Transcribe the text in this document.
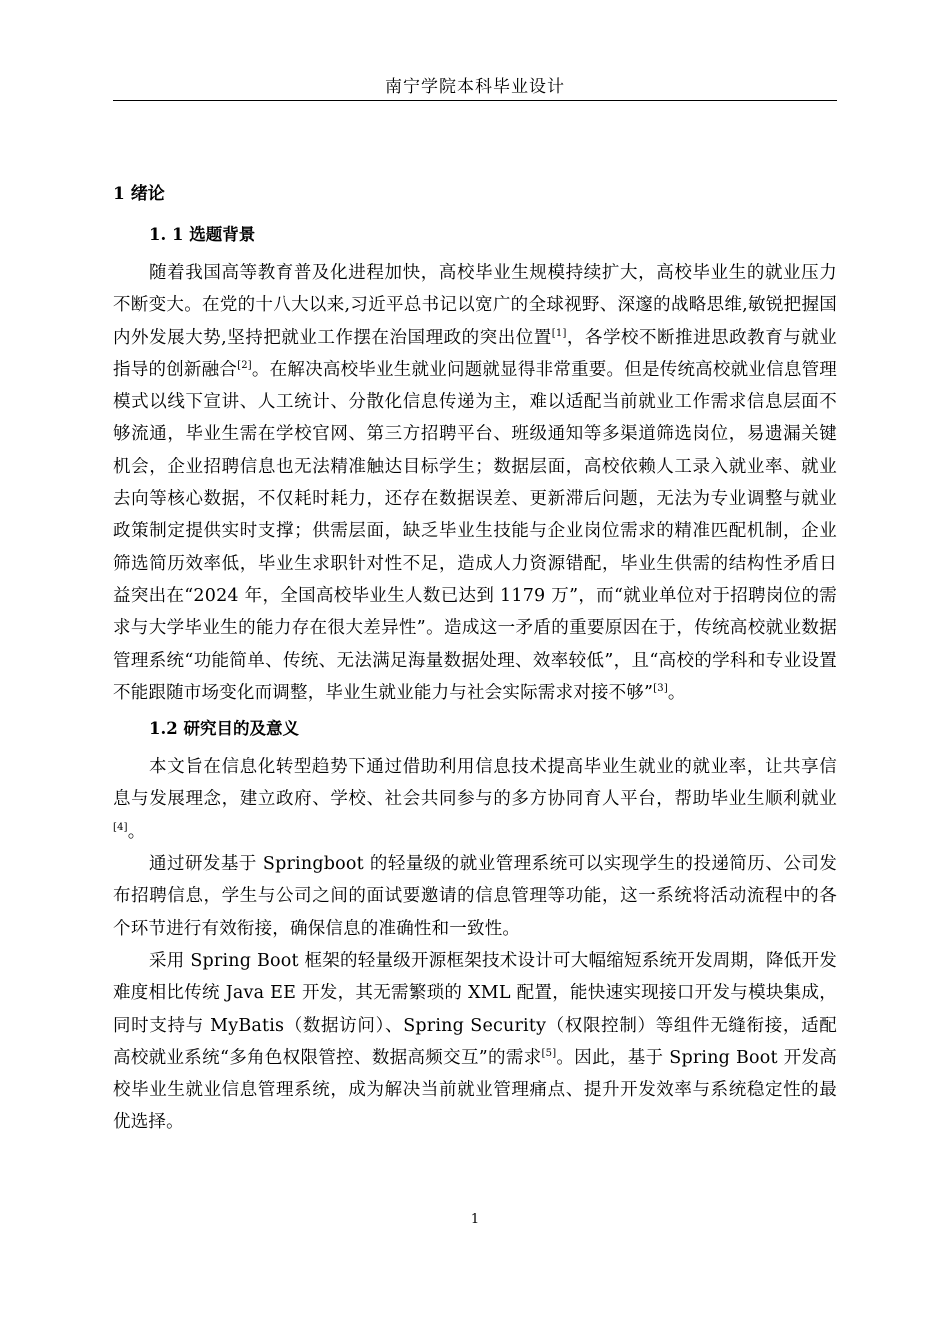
南宁学院本科毕业设计
1 绪论
1. 1 选题背景

随着我国高等教育普及化进程加快，高校毕业生规模持续扩大，高校毕业生的就业压力不断变大。在党的十八大以来,习近平总书记以宽广的全球视野、深邃的战略思维,敏锐把握国内外发展大势,坚持把就业工作摆在治国理政的突出位置[1]，各学校不断推进思政教育与就业指导的创新融合[2]。在解决高校毕业生就业问题就显得非常重要。但是传统高校就业信息管理模式以线下宣讲、人工统计、分散化信息传递为主，难以适配当前就业工作需求信息层面不够流通，毕业生需在学校官网、第三方招聘平台、班级通知等多渠道筛选岗位，易遗漏关键机会，企业招聘信息也无法精准触达目标学生；数据层面，高校依赖人工录入就业率、就业去向等核心数据，不仅耗时耗力，还存在数据误差、更新滞后问题，无法为专业调整与就业政策制定提供实时支撑；供需层面，缺乏毕业生技能与企业岗位需求的精准匹配机制，企业筛选简历效率低，毕业生求职针对性不足，造成人力资源错配，毕业生供需的结构性矛盾日益突出在“2024 年，全国高校毕业生人数已达到 1179 万”，而“就业单位对于招聘岗位的需求与大学毕业生的能力存在很大差异性”。造成这一矛盾的重要原因在于，传统高校就业数据管理系统“功能简单、传统、无法满足海量数据处理、效率较低”，且“高校的学科和专业设置不能跟随市场变化而调整，毕业生就业能力与社会实际需求对接不够”[3]。

1.2 研究目的及意义

本文旨在信息化转型趋势下通过借助利用信息技术提高毕业生就业的就业率，让共享信息与发展理念，建立政府、学校、社会共同参与的多方协同育人平台，帮助毕业生顺利就业[4]。

通过研发基于 Springboot 的轻量级的就业管理系统可以实现学生的投递简历、公司发布招聘信息，学生与公司之间的面试要邀请的信息管理等功能，这一系统将活动流程中的各个环节进行有效衔接，确保信息的准确性和一致性。

采用 Spring Boot 框架的轻量级开源框架技术设计可大幅缩短系统开发周期，降低开发难度相比传统 Java EE 开发，其无需繁琐的 XML 配置，能快速实现接口开发与模块集成，同时支持与 MyBatis（数据访问）、Spring Security（权限控制）等组件无缝衔接，适配高校就业系统“多角色权限管控、数据高频交互”的需求[5]。因此，基于 Spring Boot 开发高校毕业生就业信息管理系统，成为解决当前就业管理痛点、提升开发效率与系统稳定性的最优选择。

1
